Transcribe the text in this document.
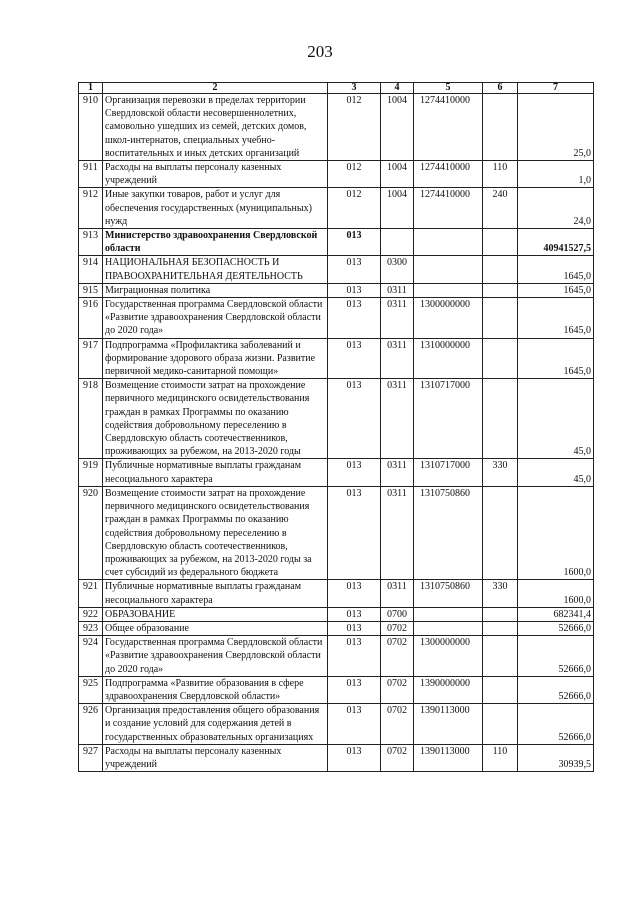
203
1	2	3	4	5	6	7
910	Организация перевозки в пределах территории Свердловской области несовершеннолетних, самовольно ушедших из семей, детских домов, школ-интернатов, специальных учебно-воспитательных и иных детских организаций	012	1004	1274410000		25,0
911	Расходы на выплаты персоналу казенных учреждений	012	1004	1274410000	110	1,0
912	Иные закупки товаров, работ и услуг для обеспечения государственных (муниципальных) нужд	012	1004	1274410000	240	24,0
913	Министерство здравоохранения Свердловской области	013				40941527,5
914	НАЦИОНАЛЬНАЯ БЕЗОПАСНОСТЬ И ПРАВООХРАНИТЕЛЬНАЯ ДЕЯТЕЛЬНОСТЬ	013	0300			1645,0
915	Миграционная политика	013	0311			1645,0
916	Государственная программа Свердловской области «Развитие здравоохранения Свердловской области до 2020 года»	013	0311	1300000000		1645,0
917	Подпрограмма «Профилактика заболеваний и формирование здорового образа жизни. Развитие первичной медико-санитарной помощи»	013	0311	1310000000		1645,0
918	Возмещение стоимости затрат на прохождение первичного медицинского освидетельствования граждан в рамках Программы по оказанию содействия добровольному переселению в Свердловскую область соотечественников, проживающих за рубежом, на 2013-2020 годы	013	0311	1310717000		45,0
919	Публичные нормативные выплаты гражданам несоциального характера	013	0311	1310717000	330	45,0
920	Возмещение стоимости затрат на прохождение первичного медицинского освидетельствования граждан в рамках Программы по оказанию содействия добровольному переселению в Свердловскую область соотечественников, проживающих за рубежом, на 2013-2020 годы за счет субсидий из федерального бюджета	013	0311	1310750860		1600,0
921	Публичные нормативные выплаты гражданам несоциального характера	013	0311	1310750860	330	1600,0
922	ОБРАЗОВАНИЕ	013	0700			682341,4
923	Общее образование	013	0702			52666,0
924	Государственная программа Свердловской области «Развитие здравоохранения Свердловской области до 2020 года»	013	0702	1300000000		52666,0
925	Подпрограмма «Развитие образования в сфере здравоохранения Свердловской области»	013	0702	1390000000		52666,0
926	Организация предоставления общего образования и создание условий для содержания детей в государственных образовательных организациях	013	0702	1390113000		52666,0
927	Расходы на выплаты персоналу казенных учреждений	013	0702	1390113000	110	30939,5
